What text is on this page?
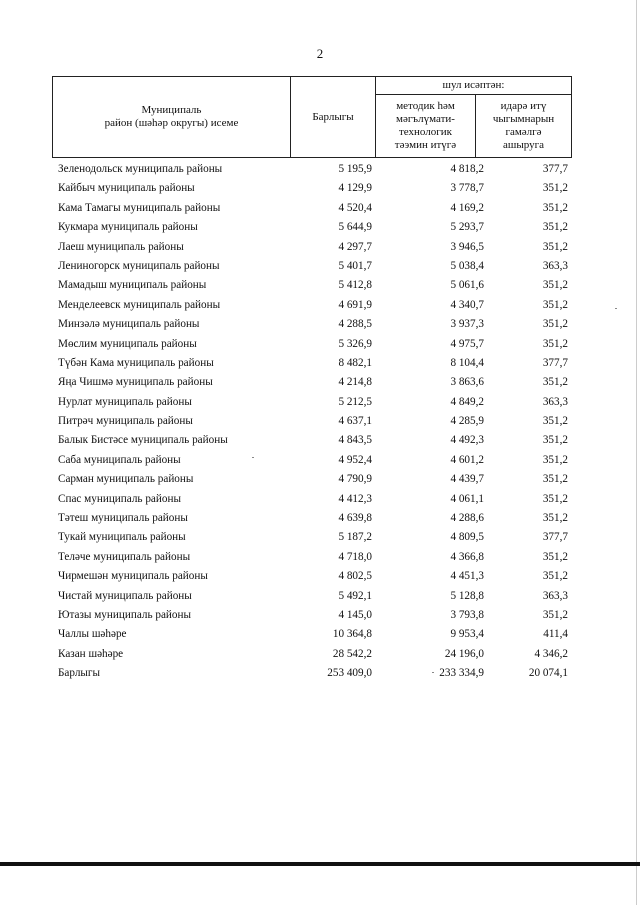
2
Муниципаль
район (шәһәр округы) исеме
Барлыгы
шул исәптән:
методик һәм
мәгълүмати-
технологик
тәэмин итүгә
идарә итү
чыгымнарын
гамәлгә
ашыруга
Зеленодольск муниципаль районы	5 195,9	4 818,2	377,7
Кайбыч муниципаль районы	4 129,9	3 778,7	351,2
Кама Тамагы муниципаль районы	4 520,4	4 169,2	351,2
Кукмара муниципаль районы	5 644,9	5 293,7	351,2
Лаеш муниципаль районы	4 297,7	3 946,5	351,2
Лениногорск муниципаль районы	5 401,7	5 038,4	363,3
Мамадыш муниципаль районы	5 412,8	5 061,6	351,2
Менделеевск муниципаль районы	4 691,9	4 340,7	351,2
Минзәлә муниципаль районы	4 288,5	3 937,3	351,2
Мөслим муниципаль районы	5 326,9	4 975,7	351,2
Түбән Кама муниципаль районы	8 482,1	8 104,4	377,7
Яңа Чишмә муниципаль районы	4 214,8	3 863,6	351,2
Нурлат муниципаль районы	5 212,5	4 849,2	363,3
Питрәч муниципаль районы	4 637,1	4 285,9	351,2
Балык Бистәсе муниципаль районы	4 843,5	4 492,3	351,2
Саба муниципаль районы	4 952,4	4 601,2	351,2
Сарман муниципаль районы	4 790,9	4 439,7	351,2
Спас муниципаль районы	4 412,3	4 061,1	351,2
Тәтеш муниципаль районы	4 639,8	4 288,6	351,2
Тукай муниципаль районы	5 187,2	4 809,5	377,7
Теләче муниципаль районы	4 718,0	4 366,8	351,2
Чирмешән муниципаль районы	4 802,5	4 451,3	351,2
Чистай муниципаль районы	5 492,1	5 128,8	363,3
Ютазы муниципаль районы	4 145,0	3 793,8	351,2
Чаллы шәһәре	10 364,8	9 953,4	411,4
Казан шәһәре	28 542,2	24 196,0	4 346,2
Барлыгы	253 409,0	233 334,9	20 074,1
